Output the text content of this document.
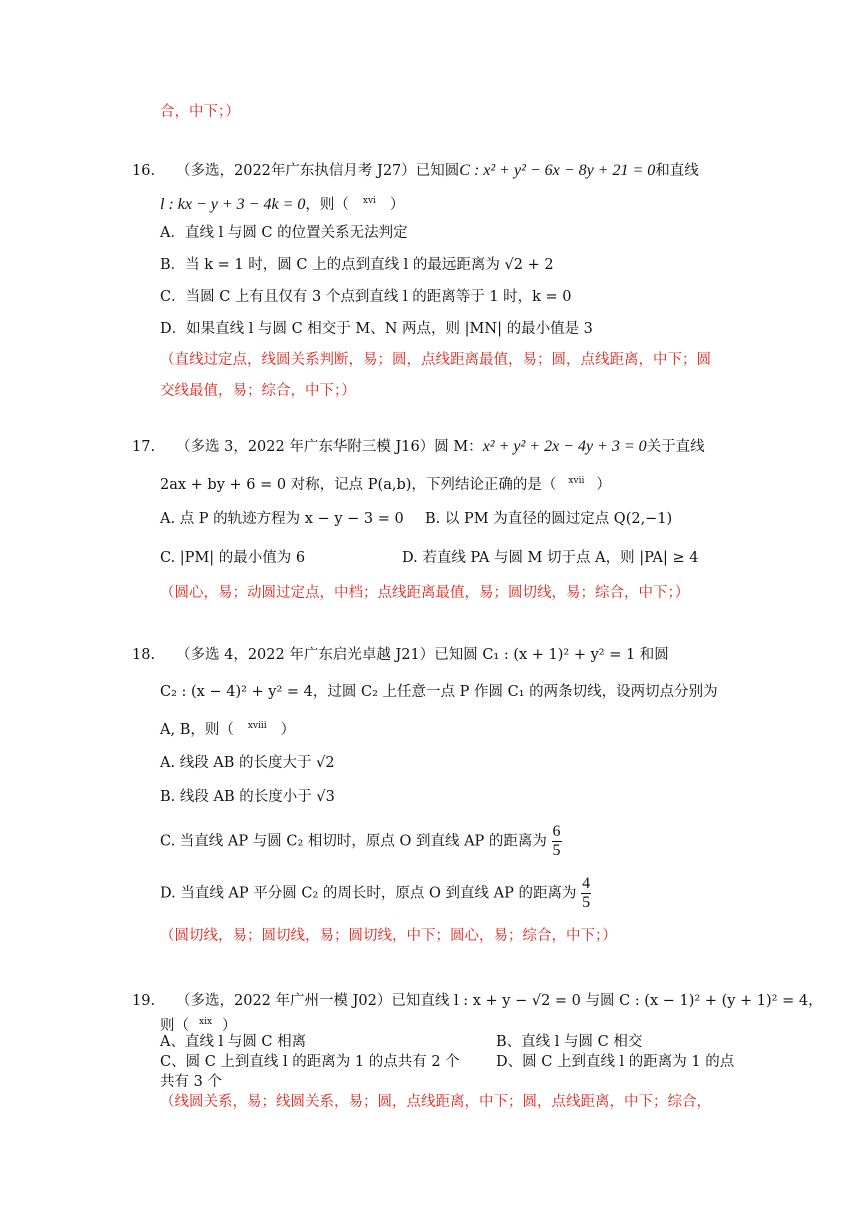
合，中下；）
16. （多选，2022年广东执信月考 J27）已知圆C : x² + y² − 6x − 8y + 21 = 0和直线
l : kx − y + 3 − 4k = 0，则（ $^{xvi}$ ）
A．直线 l 与圆 C 的位置关系无法判定
B．当 k = 1 时，圆 C 上的点到直线 l 的最远距离为 √2 + 2
C．当圆 C 上有且仅有 3 个点到直线 l 的距离等于 1 时，k = 0
D．如果直线 l 与圆 C 相交于 M、N 两点，则 |MN| 的最小值是 3
（直线过定点，线圆关系判断，易；圆，点线距离最值，易；圆，点线距离，中下；圆
交线最值，易；综合，中下；）
17. （多选 3，2022 年广东华附三模 J16）圆 M：x² + y² + 2x − 4y + 3 = 0关于直线
2ax + by + 6 = 0 对称，记点 P(a,b)，下列结论正确的是（ $^{xvii}$ ）
A. 点 P 的轨迹方程为 x − y − 3 = 0 B. 以 PM 为直径的圆过定点 Q(2,−1)
C. |PM| 的最小值为 6	D. 若直线 PA 与圆 M 切于点 A，则 |PA| ≥ 4
（圆心，易；动圆过定点，中档；点线距离最值，易；圆切线，易；综合，中下；）
18. （多选 4，2022 年广东启光卓越 J21）已知圆 C₁ : (x + 1)² + y² = 1 和圆
C₂ : (x − 4)² + y² = 4，过圆 C₂ 上任意一点 P 作圆 C₁ 的两条切线，设两切点分别为
A, B，则（ $^{xviii}$ ）
A. 线段 AB 的长度大于 √2
B. 线段 AB 的长度小于 √3
C. 当直线 AP 与圆 C₂ 相切时，原点 O 到直线 AP 的距离为 $\frac{6}{5}$
D. 当直线 AP 平分圆 C₂ 的周长时，原点 O 到直线 AP 的距离为 $\frac{4}{5}$
（圆切线，易；圆切线，易；圆切线，中下；圆心，易；综合，中下；）
19. （多选，2022 年广州一模 J02）已知直线 l : x + y − √2 = 0 与圆 C : (x − 1)² + (y + 1)² = 4，
则（ $^{xix}$ ）
A、直线 l 与圆 C 相离	B、直线 l 与圆 C 相交
C、圆 C 上到直线 l 的距离为 1 的点共有 2 个	D、圆 C 上到直线 l 的距离为 1 的点
共有 3 个
（线圆关系，易；线圆关系，易；圆，点线距离，中下；圆，点线距离，中下；综合，
